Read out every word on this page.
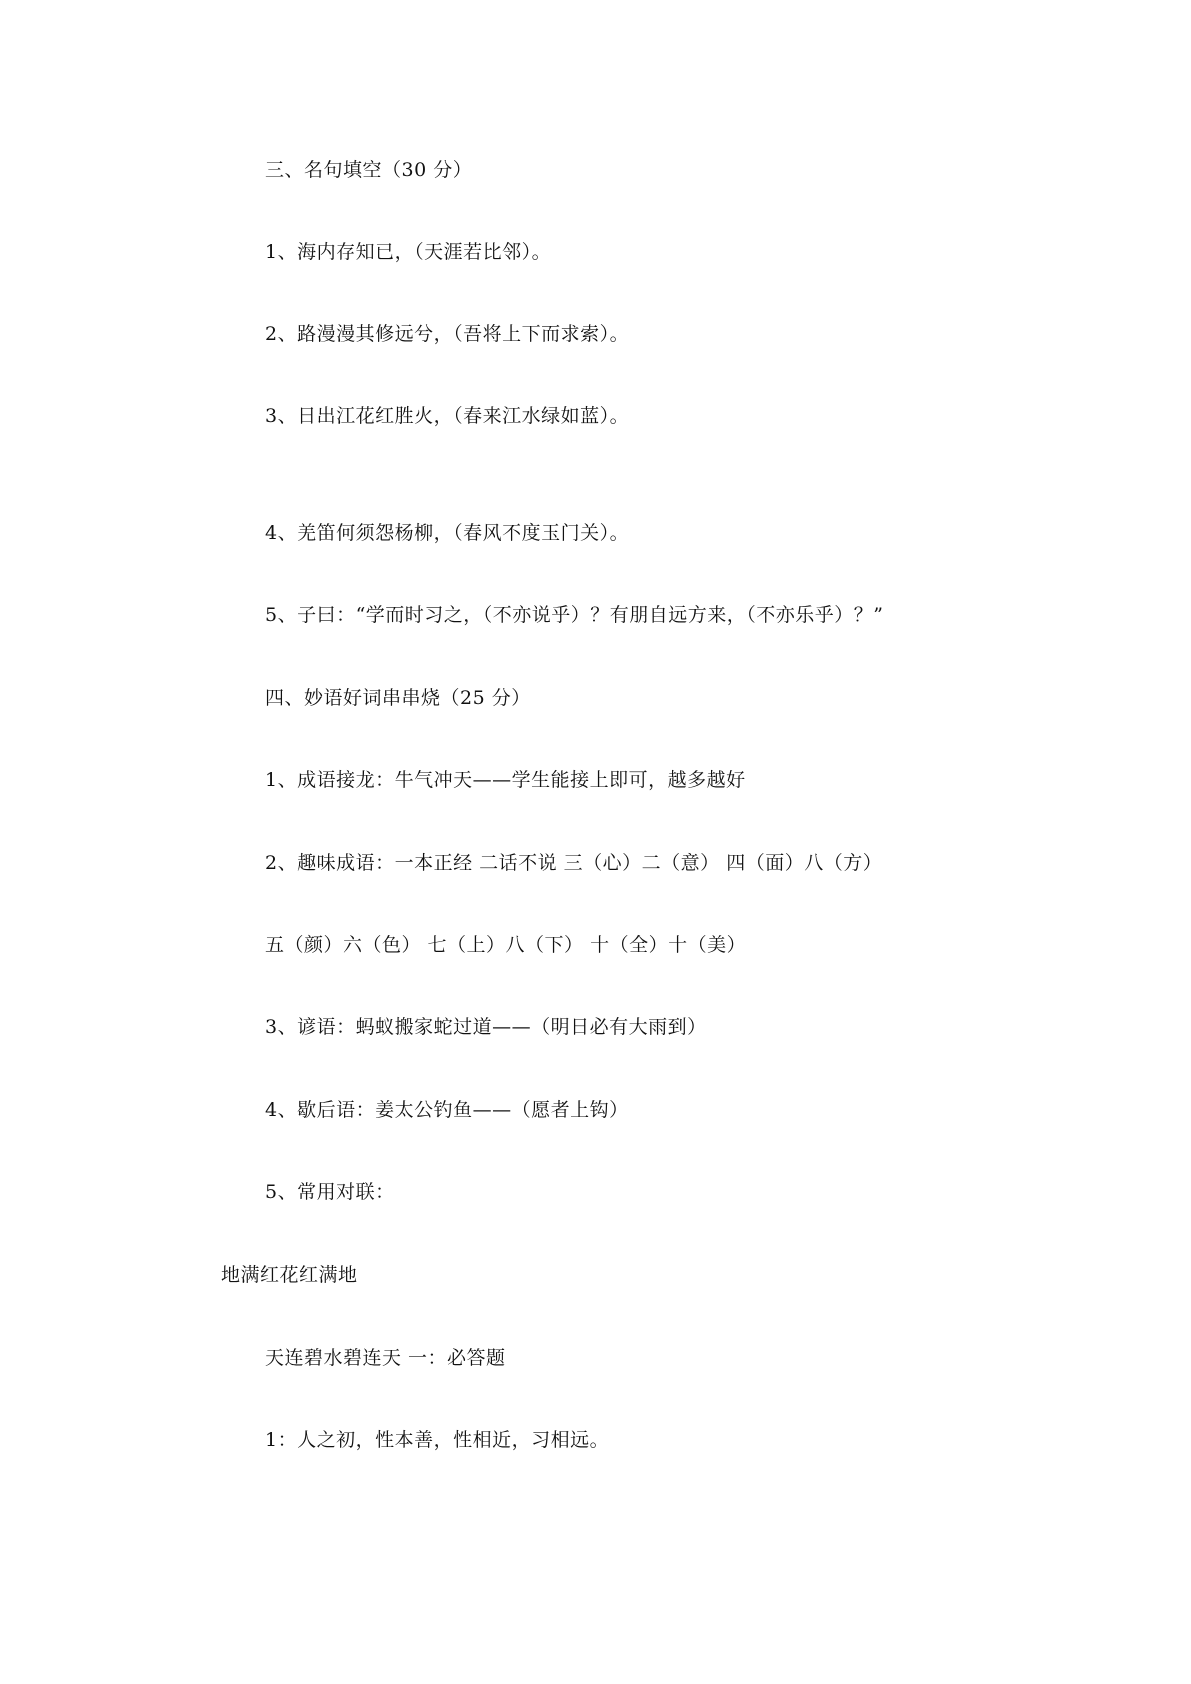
三、名句填空（30 分）
1、海内存知已，（天涯若比邻）。
2、路漫漫其修远兮，（吾将上下而求索）。
3、日出江花红胜火，（春来江水绿如蓝）。
4、羌笛何须怨杨柳，（春风不度玉门关）。
5、子曰：“学而时习之，（不亦说乎）？有朋自远方来，（不亦乐乎）？”
四、妙语好词串串烧（25 分）
1、成语接龙：牛气冲天——学生能接上即可，越多越好
2、趣味成语：一本正经 二话不说 三（心）二（意） 四（面）八（方）
五（颜）六（色） 七（上）八（下） 十（全）十（美）
3、谚语：蚂蚁搬家蛇过道——（明日必有大雨到）
4、歇后语：姜太公钓鱼——（愿者上钩）
5、常用对联：
地满红花红满地
天连碧水碧连天 一：必答题
1：人之初，性本善，性相近，习相远。
